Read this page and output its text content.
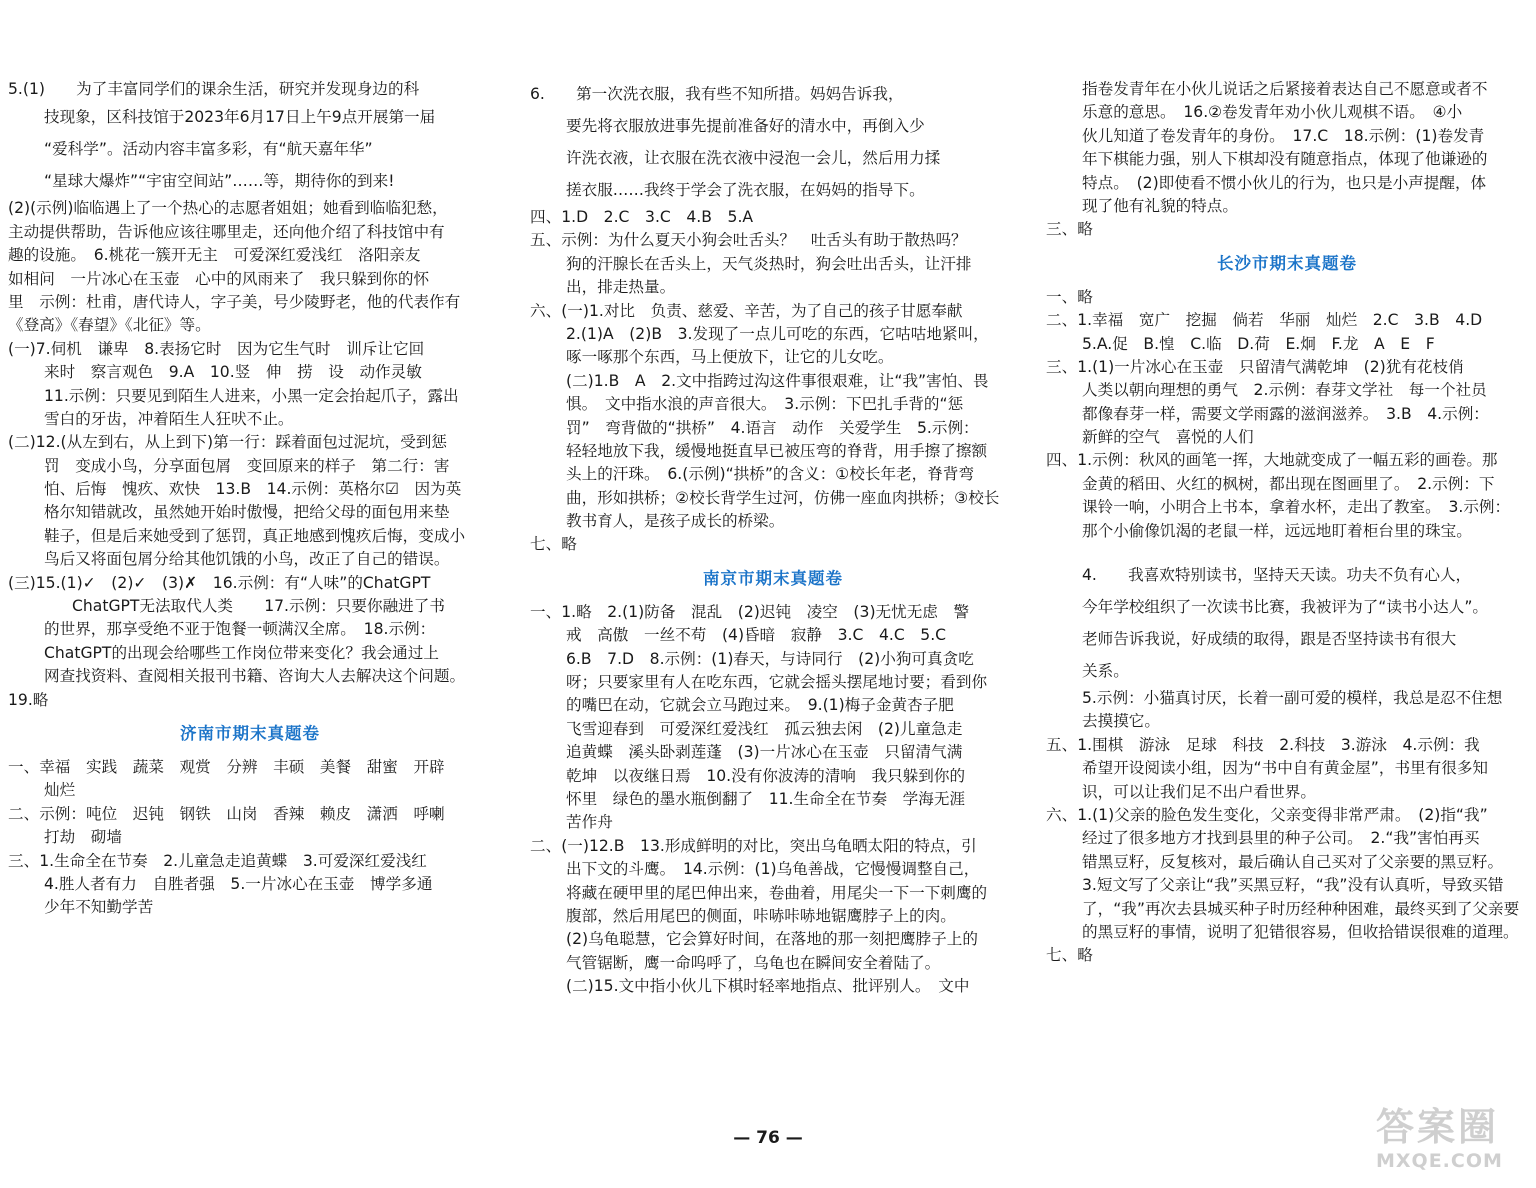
5.(1)　　为了丰富同学们的课余生活，研究并发现身边的科
技现象，区科技馆于2023年6月17日上午9点开展第一届
“爱科学”。活动内容丰富多彩，有“航天嘉年华”
“星球大爆炸”“宇宙空间站”……等，期待你的到来!
(2)(示例)临临遇上了一个热心的志愿者姐姐；她看到临临犯愁，
主动提供帮助，告诉他应该往哪里走，还向他介绍了科技馆中有
趣的设施。　6.桃花一簇开无主　可爱深红爱浅红　洛阳亲友
如相问　一片冰心在玉壶　心中的风雨来了　我只躲到你的怀
里　示例：杜甫，唐代诗人，字子美，号少陵野老，他的代表作有
《登高》《春望》《北征》等。
(一)7.伺机　谦卑　8.表扬它时　因为它生气时　训斥让它回
来时　察言观色　9.A　10.竖　伸　捞　设　动作灵敏
11.示例：只要见到陌生人进来，小黑一定会抬起爪子，露出
雪白的牙齿，冲着陌生人狂吠不止。
(二)12.(从左到右，从上到下)第一行：踩着面包过泥坑，受到惩
罚　变成小鸟，分享面包屑　变回原来的样子　第二行：害
怕、后悔　愧疚、欢快　13.B　14.示例：英格尔☑　因为英
格尔知错就改，虽然她开始时傲慢，把给父母的面包用来垫
鞋子，但是后来她受到了惩罚，真正地感到愧疚后悔，变成小
鸟后又将面包屑分给其他饥饿的小鸟，改正了自己的错误。
(三)15.(1)✓　(2)✓　(3)✗　16.示例：有“人味”的ChatGPT
ChatGPT无法取代人类　　17.示例：只要你融进了书
的世界，那享受绝不亚于饱餐一顿满汉全席。　18.示例：
ChatGPT的出现会给哪些工作岗位带来变化？我会通过上
网查找资料、查阅相关报刊书籍、咨询大人去解决这个问题。
19.略
济南市期末真题卷
一、幸福　实践　蔬菜　观赏　分辨　丰硕　美餐　甜蜜　开辟
灿烂
二、示例：吨位　迟钝　钢铁　山岗　香辣　赖皮　潇洒　呼喇
打劫　砌墙
三、1.生命全在节奏　2.儿童急走追黄蝶　3.可爱深红爱浅红
4.胜人者有力　自胜者强　5.一片冰心在玉壶　博学多通
少年不知勤学苦
6.　　第一次洗衣服，我有些不知所措。妈妈告诉我，
要先将衣服放进事先提前准备好的清水中，再倒入少
许洗衣液，让衣服在洗衣液中浸泡一会儿，然后用力揉
搓衣服……我终于学会了洗衣服，在妈妈的指导下。
四、1.D　2.C　3.C　4.B　5.A
五、示例：为什么夏天小狗会吐舌头？　吐舌头有助于散热吗？
狗的汗腺长在舌头上，天气炎热时，狗会吐出舌头，让汗排
出，排走热量。
六、(一)1.对比　负责、慈爱、辛苦，为了自己的孩子甘愿奉献
2.(1)A　(2)B　3.发现了一点儿可吃的东西，它咕咕地紧叫，
啄一啄那个东西，马上便放下，让它的儿女吃。
(二)1.B　A　2.文中指跨过沟这件事很艰难，让“我”害怕、畏
惧。　文中指水浪的声音很大。　3.示例：下巴扎手背的“惩
罚”　弯背做的“拱桥”　4.语言　动作　关爱学生　5.示例：
轻轻地放下我，缓慢地挺直早已被压弯的脊背，用手擦了擦额
头上的汗珠。　6.(示例)“拱桥”的含义：①校长年老，脊背弯
曲，形如拱桥；②校长背学生过河，仿佛一座血肉拱桥；③校长
教书育人，是孩子成长的桥梁。
七、略
南京市期末真题卷
一、1.略　2.(1)防备　混乱　(2)迟钝　凌空　(3)无忧无虑　警
戒　高傲　一丝不苟　(4)昏暗　寂静　3.C　4.C　5.C
6.B　7.D　8.示例：(1)春天，与诗同行　(2)小狗可真贪吃
呀；只要家里有人在吃东西，它就会摇头摆尾地讨要；看到你
的嘴巴在动，它就会立马跑过来。　9.(1)梅子金黄杏子肥
飞雪迎春到　可爱深红爱浅红　孤云独去闲　(2)儿童急走
追黄蝶　溪头卧剥莲蓬　(3)一片冰心在玉壶　只留清气满
乾坤　以夜继日焉　10.没有你波涛的清响　我只躲到你的
怀里　绿色的墨水瓶倒翻了　11.生命全在节奏　学海无涯
苦作舟
二、(一)12.B　13.形成鲜明的对比，突出乌龟晒太阳的特点，引
出下文的斗鹰。　14.示例：(1)乌龟善战，它慢慢调整自己，
将藏在硬甲里的尾巴伸出来，卷曲着，用尾尖一下一下刺鹰的
腹部，然后用尾巴的侧面，咔哧咔哧地锯鹰脖子上的肉。
(2)乌龟聪慧，它会算好时间，在落地的那一刻把鹰脖子上的
气管锯断，鹰一命呜呼了，乌龟也在瞬间安全着陆了。
(二)15.文中指小伙儿下棋时轻率地指点、批评别人。　文中
指卷发青年在小伙儿说话之后紧接着表达自己不愿意或者不
乐意的意思。　16.②卷发青年劝小伙儿观棋不语。　④小
伙儿知道了卷发青年的身份。　17.C　18.示例：(1)卷发青
年下棋能力强，别人下棋却没有随意指点，体现了他谦逊的
特点。　(2)即使看不惯小伙儿的行为，也只是小声提醒，体
现了他有礼貌的特点。
三、略
长沙市期末真题卷
一、略
二、1.幸福　宽广　挖掘　倘若　华丽　灿烂　2.C　3.B　4.D
5.A.促　B.惶　C.临　D.荷　E.炯　F.龙　A　E　F
三、1.(1)一片冰心在玉壶　只留清气满乾坤　(2)犹有花枝俏
人类以朝向理想的勇气　2.示例：春芽文学社　每一个社员
都像春芽一样，需要文学雨露的滋润滋养。　3.B　4.示例：
新鲜的空气　喜悦的人们
四、1.示例：秋风的画笔一挥，大地就变成了一幅五彩的画卷。那
金黄的稻田、火红的枫树，都出现在图画里了。　2.示例：下
课铃一响，小明合上书本，拿着水杯，走出了教室。　3.示例：
那个小偷像饥渴的老鼠一样，远远地盯着柜台里的珠宝。
4.　　我喜欢特别读书，坚持天天读。功夫不负有心人，
今年学校组织了一次读书比赛，我被评为了“读书小达人”。
老师告诉我说，好成绩的取得，跟是否坚持读书有很大
关系。
5.示例：小猫真讨厌，长着一副可爱的模样，我总是忍不住想
去摸摸它。
五、1.围棋　游泳　足球　科技　2.科技　3.游泳　4.示例：我
希望开设阅读小组，因为“书中自有黄金屋”，书里有很多知
识，可以让我们足不出户看世界。
六、1.(1)父亲的脸色发生变化，父亲变得非常严肃。　(2)指“我”
经过了很多地方才找到县里的种子公司。　2.“我”害怕再买
错黑豆籽，反复核对，最后确认自己买对了父亲要的黑豆籽。
3.短文写了父亲让“我”买黑豆籽，“我”没有认真听，导致买错
了，“我”再次去县城买种子时历经种种困难，最终买到了父亲要
的黑豆籽的事情，说明了犯错很容易，但收拾错误很难的道理。
七、略
— 76 —	答案圈
MXQE.COM
